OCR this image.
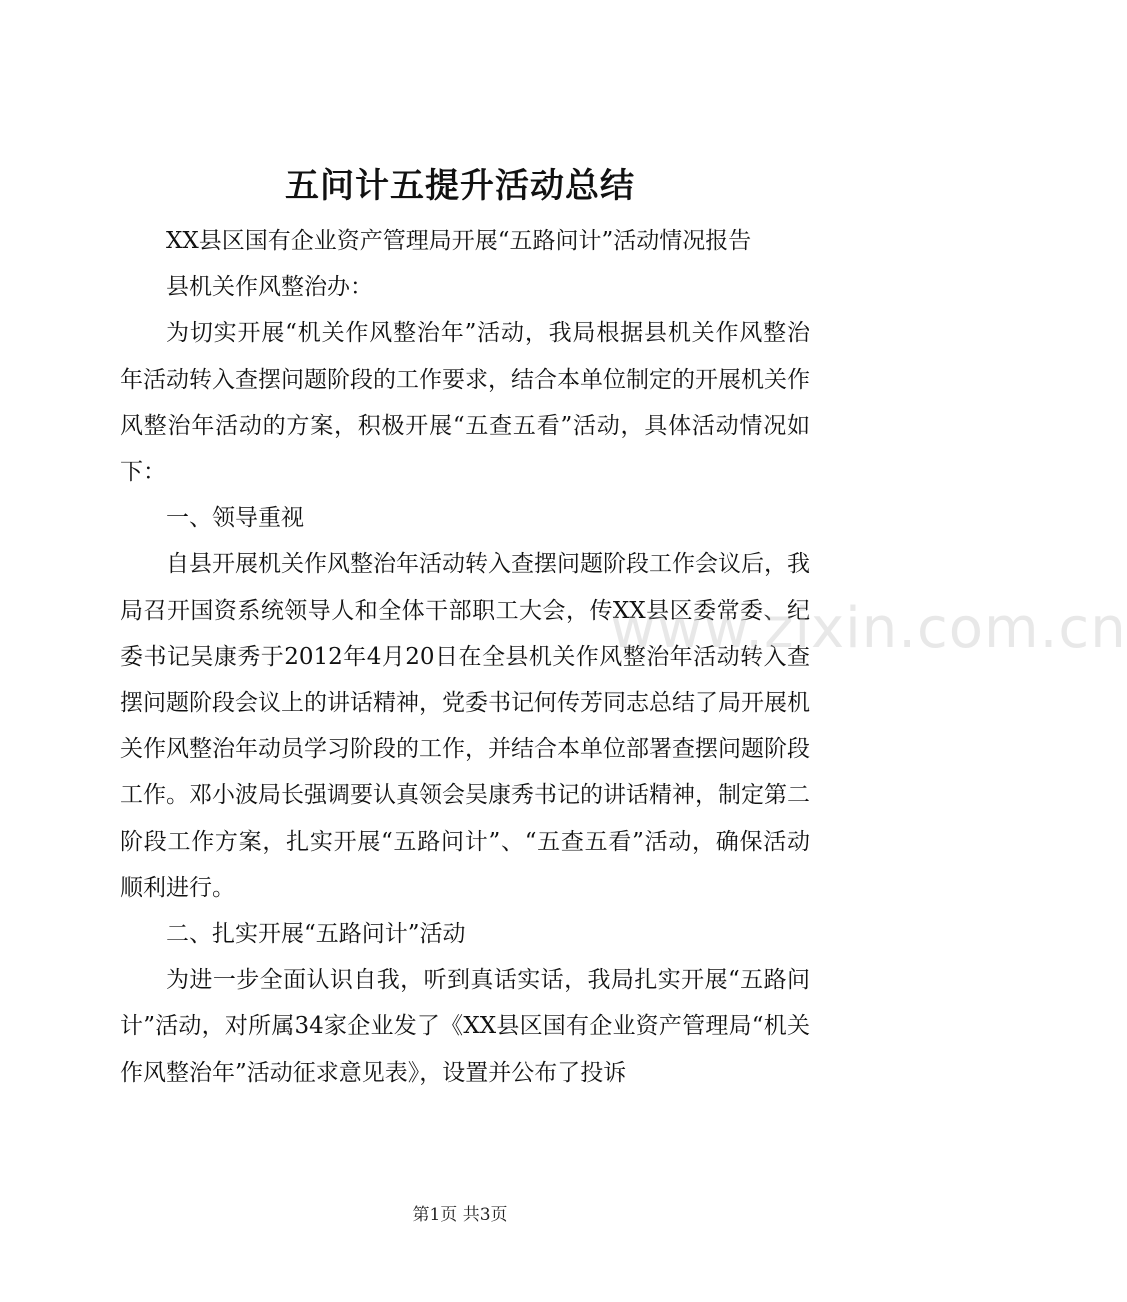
五问计五提升活动总结

XX县区国有企业资产管理局开展“五路问计”活动情况报告

县机关作风整治办：

为切实开展“机关作风整治年”活动，我局根据县机关作风整治年活动转入查摆问题阶段的工作要求，结合本单位制定的开展机关作风整治年活动的方案，积极开展“五查五看”活动，具体活动情况如下：

一、领导重视

自县开展机关作风整治年活动转入查摆问题阶段工作会议后，我局召开国资系统领导人和全体干部职工大会，传XX县区委常委、纪委书记吴康秀于2012年4月20日在全县机关作风整治年活动转入查摆问题阶段会议上的讲话精神，党委书记何传芳同志总结了局开展机关作风整治年动员学习阶段的工作，并结合本单位部署查摆问题阶段工作。邓小波局长强调要认真领会吴康秀书记的讲话精神，制定第二阶段工作方案，扎实开展“五路问计”、“五查五看”活动，确保活动顺利进行。

二、扎实开展“五路问计”活动

为进一步全面认识自我，听到真话实话，我局扎实开展“五路问计”活动，对所属34家企业发了《XX县区国有企业资产管理局“机关作风整治年”活动征求意见表》，设置并公布了投诉

www.zixin.com.cn
第1页 共3页
